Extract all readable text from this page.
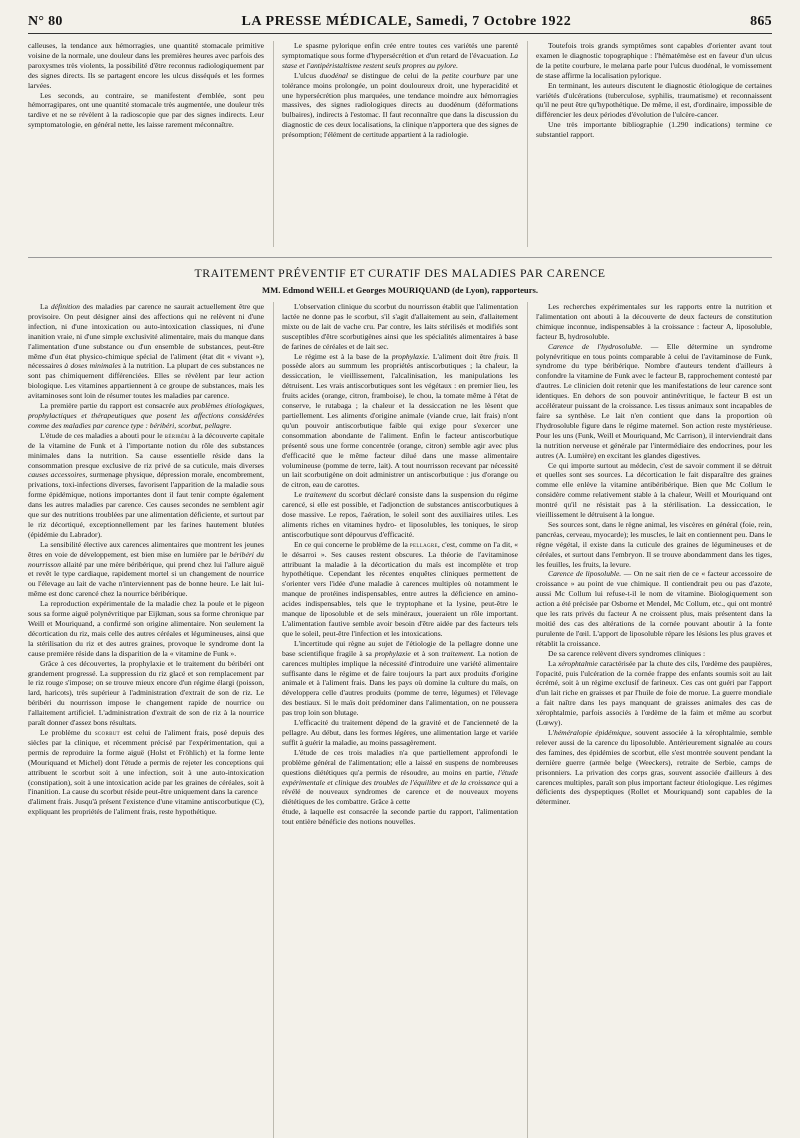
N° 80	LA PRESSE MÉDICALE, Samedi, 7 Octobre 1922	865

calleuses, la tendance aux hémorragies, une quantité stomacale primitive voisine de la normale, une douleur dans les premières heures avec parfois des paroxysmes très violents, la possibilité d'être reconnus radiologiquement par des signes directs. Ils se partagent encore les ulcus disséqués et les formes larvées.

Les seconds, au contraire, se manifestent d'emblée, sont peu hémorragipares, ont une quantité stomacale très augmentée, une douleur très tardive et ne se révèlent à la radioscopie que par des signes indirects. Leur symptomatologie, en général nette, les laisse rarement méconnaître.

Le spasme pylorique enfin crée entre toutes ces variétés une parenté symptomatique sous forme d'hypersécrétion et d'un retard de l'évacuation. La stase et l'antipéristaltisme restent seuls propres au pylore.

L'ulcus duodénal se distingue de celui de la petite courbure par une tolérance moins prolongée, un point douloureux droit, une hyperacidité et une hypersécrétion plus marquées, une tendance moindre aux hémorragies massives, des signes radiologiques directs au duodénum (déformations bulbaires), indirects à l'estomac. Il faut reconnaître que dans la discussion du diagnostic de ces deux localisations, la clinique n'apportera que des signes de présomption; l'élément de certitude appartient à la radiologie.

Toutefois trois grands symptômes sont capables d'orienter avant tout examen le diagnostic topographique : l'hématémèse est en faveur d'un ulcus de la petite courbure, le melæna parle pour l'ulcus duodénal, le vomissement de stase affirme la localisation pylorique.

En terminant, les auteurs discutent le diagnostic étiologique de certaines variétés d'ulcérations (tuberculose, syphilis, traumatisme) et reconnaissent qu'il ne peut être qu'hypothétique. De même, il est, d'ordinaire, impossible de différencier les deux périodes d'évolution de l'ulcère-cancer.

Une très importante bibliographie (1.290 indications) termine ce substantiel rapport.

TRAITEMENT PRÉVENTIF ET CURATIF DES MALADIES PAR CARENCE
MM. Edmond WEILL et Georges MOURIQUAND (de Lyon), rapporteurs.

La définition des maladies par carence ne saurait actuellement être que provisoire. On peut désigner ainsi des affections qui ne relèvent ni d'une infection, ni d'une intoxication ou auto-intoxication classiques, ni d'une inanition vraie, ni d'une simple exclusivité alimentaire, mais du manque dans l'alimentation d'une substance ou d'un ensemble de substances, peut-être même d'un état physico-chimique spécial de l'aliment (état dit « vivant »), nécessaires à doses minimales à la nutrition. La plupart de ces substances ne sont pas chimiquement différenciées. Elles se révèlent par leur action biologique. Les vitamines appartiennent à ce groupe de substances, mais les avitaminoses sont loin de résumer toutes les maladies par carence.

La première partie du rapport est consacrée aux problèmes étiologiques, prophylactiques et thérapeutiques que posent les affections considérées comme des maladies par carence type : béribéri, scorbut, pellagre.

L'étude de ces maladies a abouti pour le béribéri à la découverte capitale de la vitamine de Funk et à l'importante notion du rôle des substances minimales dans la nutrition. Sa cause essentielle réside dans la consommation presque exclusive de riz privé de sa cuticule, mais diverses causes accessoires, surmenage physique, dépression morale, encombrement, privations, toxi-infections diverses, favorisent l'apparition de la maladie sous forme épidémique, notions importantes dont il faut tenir compte également dans les autres maladies par carence. Ces causes secondes ne semblent agir que sur des nutritions troublées par une alimentation déficiente, et surtout par le riz décortiqué, exceptionnellement par les farines hautement blutées (épidémie du Labrador).

La sensibilité élective aux carences alimentaires que montrent les jeunes êtres en voie de développement, est bien mise en lumière par le béribéri du nourrisson allaité par une mère béribérique, qui prend chez lui l'allure aiguë et revêt le type cardiaque, rapidement mortel si un changement de nourrice ou l'élevage au lait de vache n'interviennent pas de bonne heure. Le lait lui-même est donc carencé chez la nourrice béribérique.

La reproduction expérimentale de la maladie chez la poule et le pigeon sous sa forme aiguë polynévritique par Eijkman, sous sa forme chronique par Weill et Mouriquand, a confirmé son origine alimentaire. Non seulement la décortication du riz, mais celle des autres céréales et légumineuses, ainsi que la stérilisation du riz et des autres graines, provoque le syndrome dont la cause première réside dans la disparition de la « vitamine de Funk ».

Grâce à ces découvertes, la prophylaxie et le traitement du béribéri ont grandement progressé. La suppression du riz glacé et son remplacement par le riz rouge s'impose; on se trouve mieux encore d'un régime élargi (poisson, lard, haricots), très supérieur à l'administration d'extrait de son de riz. Le béribéri du nourrisson impose le changement rapide de nourrice ou l'allaitement artificiel. L'administration d'extrait de son de riz à la nourrice paraît donner d'assez bons résultats.

Le problème du scorbut est celui de l'aliment frais, posé depuis des siècles par la clinique, et récemment précisé par l'expérimentation, qui a permis de reproduire la forme aiguë (Holst et Fröhlich) et la forme lente (Mouriquand et Michel) dont l'étude a permis de rejeter les conceptions qui attribuent le scorbut soit à une infection, soit à une auto-intoxication (constipation), soit à une intoxication acide par les graines de céréales, soit à l'inanition. La cause du scorbut réside peut-être uniquement dans la carence

d'aliment frais. Jusqu'à présent l'existence d'une vitamine antiscorbutique (C), expliquant les propriétés de l'aliment frais, reste hypothétique.

L'observation clinique du scorbut du nourrisson établit que l'alimentation lactée ne donne pas le scorbut, s'il s'agit d'allaitement au sein, d'allaitement mixte ou de lait de vache cru. Par contre, les laits stérilisés et modifiés sont susceptibles d'être scorbutigènes ainsi que les spécialités alimentaires à base de farines de céréales et de lait sec.

Le régime est à la base de la prophylaxie. L'aliment doit être frais. Il possède alors au summum les propriétés antiscorbutiques ; la chaleur, la dessiccation, le vieillissement, l'alcalinisation, les manipulations les détruisent. Les vrais antiscorbutiques sont les végétaux : en premier lieu, les fruits acides (orange, citron, framboise), le chou, la tomate même à l'état de conserve, le rutabaga ; la chaleur et la dessiccation ne les lèsent que partiellement. Les aliments d'origine animale (viande crue, lait frais) n'ont qu'un pouvoir antiscorbutique faible qui exige pour s'exercer une consommation abondante de l'aliment. Enfin le facteur antiscorbutique présenté sous une forme concentrée (orange, citron) semble agir avec plus d'efficacité que le même facteur dilué dans une masse alimentaire volumineuse (pomme de terre, lait). A tout nourrisson recevant par nécessité un lait scorbutigène on doit administrer un antiscorbutique : jus d'orange ou de citron, eau de carottes.

Le traitement du scorbut déclaré consiste dans la suspension du régime carencé, si elle est possible, et l'adjonction de substances antiscorbutiques à dose massive. Le repos, l'aération, le soleil sont des auxiliaires utiles. Les aliments riches en vitamines hydro- et liposolubles, les toniques, le sirop antiscorbutique sont dépourvus d'efficacité.

En ce qui concerne le problème de la pellagre, c'est, comme on l'a dit, « le désarroi ». Ses causes restent obscures. La théorie de l'avitaminose attribuant la maladie à la décortication du maïs est incomplète et trop hypothétique. Cependant les récentes enquêtes cliniques permettent de s'orienter vers l'idée d'une maladie à carences multiples où notamment le manque de protéines indispensables, entre autres la déficience en amino-acides indispensables, tels que le tryptophane et la lysine, peut-être le manque de liposoluble et de sels minéraux, joueraient un rôle important. L'alimentation fautive semble avoir besoin d'être aidée par des facteurs tels que le soleil, peut-être l'infection et les intoxications.

L'incertitude qui règne au sujet de l'étiologie de la pellagre donne une base scientifique fragile à sa prophylaxie et à son traitement. La notion de carences multiples implique la nécessité d'introduire une variété alimentaire suffisante dans le régime et de faire toujours la part aux produits d'origine animale et à l'aliment frais. Dans les pays où domine la culture du maïs, on développera celle d'autres produits (pomme de terre, légumes) et l'élevage des bestiaux. Si le maïs doit prédominer dans l'alimentation, on ne poussera pas trop loin son blutage.

L'efficacité du traitement dépend de la gravité et de l'ancienneté de la pellagre. Au début, dans les formes légères, une alimentation large et variée suffit à guérir la maladie, au moins passagèrement.

L'étude de ces trois maladies n'a que partiellement approfondi le problème général de l'alimentation; elle a laissé en suspens de nombreuses questions diététiques qu'a permis de résoudre, au moins en partie, l'étude expérimentale et clinique des troubles de l'équilibre et de la croissance qui a révélé de nouveaux syndromes de carence et de nouveaux moyens diététiques de les combattre. Grâce à cette

étude, à laquelle est consacrée la seconde partie du rapport, l'alimentation tout entière bénéficie des notions nouvelles.

Les recherches expérimentales sur les rapports entre la nutrition et l'alimentation ont abouti à la découverte de deux facteurs de constitution chimique inconnue, indispensables à la croissance : facteur A, liposoluble, facteur B, hydrosoluble.

Carence de l'hydrosoluble. — Elle détermine un syndrome polynévritique en tous points comparable à celui de l'avitaminose de Funk, syndrome du type béribérique. Nombre d'auteurs tendent d'ailleurs à confondre la vitamine de Funk avec le facteur B, rapprochement contesté par d'autres. Le clinicien doit retenir que les manifestations de leur carence sont identiques. En dehors de son pouvoir antinévritique, le facteur B est un accélérateur puissant de la croissance. Les tissus animaux sont incapables de faire sa synthèse. Le lait n'en contient que dans la proportion où l'hydrosoluble figure dans le régime maternel. Son action reste mystérieuse. Pour les uns (Funk, Weill et Mouriquand, Mc Carrison), il interviendrait dans la nutrition nerveuse et générale par l'intermédiaire des endocrines, pour les autres (A. Lumière) en excitant les glandes digestives.

Ce qui importe surtout au médecin, c'est de savoir comment il se détruit et quelles sont ses sources. La décortication le fait disparaître des graines comme elle enlève la vitamine antibéribérique. Bien que Mc Collum le considère comme relativement stable à la chaleur, Weill et Mouriquand ont montré qu'il ne résistait pas à la stérilisation. La dessiccation, le vieillissement le détruisent à la longue.

Ses sources sont, dans le règne animal, les viscères en général (foie, rein, pancréas, cerveau, myocarde); les muscles, le lait en contiennent peu. Dans le règne végétal, il existe dans la cuticule des graines de légumineuses et de céréales, et surtout dans l'embryon. Il se trouve abondamment dans les tiges, les feuilles, les fruits, la levure.

Carence de liposoluble. — On ne sait rien de ce « facteur accessoire de croissance » au point de vue chimique. Il contiendrait peu ou pas d'azote, aussi Mc Collum lui refuse-t-il le nom de vitamine. Biologiquement son action a été précisée par Osborne et Mendel, Mc Collum, etc., qui ont montré que les rats privés du facteur A ne croissent plus, mais présentent dans la moitié des cas des altérations de la cornée pouvant aboutir à la fonte purulente de l'œil. L'apport de liposoluble répare les lésions les plus graves et rétablit la croissance.

De sa carence relèvent divers syndromes cliniques :

La xérophtalmie caractérisée par la chute des cils, l'œdème des paupières, l'opacité, puis l'ulcération de la cornée frappe des enfants soumis soit au lait écrémé, soit à un régime exclusif de farineux. Ces cas ont guéri par l'apport d'un lait riche en graisses et par l'huile de foie de morue. La guerre mondiale a fait naître dans les pays manquant de graisses animales des cas de xérophtalmie, parfois associés à l'œdème de la faim et même au scorbut (Lœwy).

L'héméralopie épidémique, souvent associée à la xérophtalmie, semble relever aussi de la carence du liposoluble. Antérieurement signalée au cours des famines, des épidémies de scorbut, elle s'est montrée souvent pendant la dernière guerre (armée belge (Weeckers), retraite de Serbie, camps de prisonniers. La privation des corps gras, souvent associée d'ailleurs à des carences multiples, paraît son plus important facteur étiologique. Les régimes déficients des dyspeptiques (Rollet et Mouriquand) sont capables de la déterminer.
